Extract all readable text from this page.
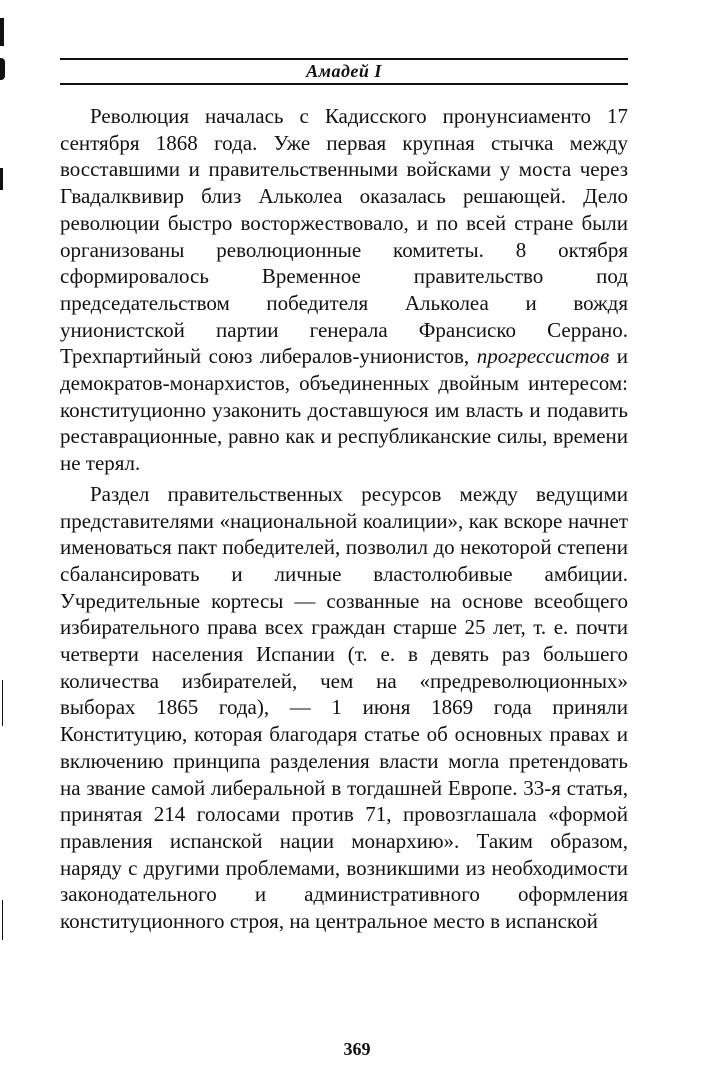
Амадей I

Революция началась с Кадисского пронунсиаменто 17 сентября 1868 года. Уже первая крупная стычка между восставшими и правительственными войсками у моста через Гвадалквивир близ Альколеа оказалась решающей. Дело революции быстро восторжествовало, и по всей стране были организованы революционные комитеты. 8 октября сформировалось Временное правительство под председательством победителя Альколеа и вождя унионистской партии генерала Франсиско Серрано. Трехпартийный союз либералов-унионистов, прогрессистов и демократов-монархистов, объединенных двойным интересом: конституционно узаконить доставшуюся им власть и подавить реставрационные, равно как и республиканские силы, времени не терял.

Раздел правительственных ресурсов между ведущими представителями «национальной коалиции», как вскоре начнет именоваться пакт победителей, позволил до некоторой степени сбалансировать и личные властолюбивые амбиции. Учредительные кортесы — созванные на основе всеобщего избирательного права всех граждан старше 25 лет, т. е. почти четверти населения Испании (т. е. в девять раз большего количества избирателей, чем на «предреволюционных» выборах 1865 года), — 1 июня 1869 года приняли Конституцию, которая благодаря статье об основных правах и включению принципа разделения власти могла претендовать на звание самой либеральной в тогдашней Европе. 33-я статья, принятая 214 голосами против 71, провозглашала «формой правления испанской нации монархию». Таким образом, наряду с другими проблемами, возникшими из необходимости законодательного и административного оформления конституционного строя, на центральное место в испанской

369
